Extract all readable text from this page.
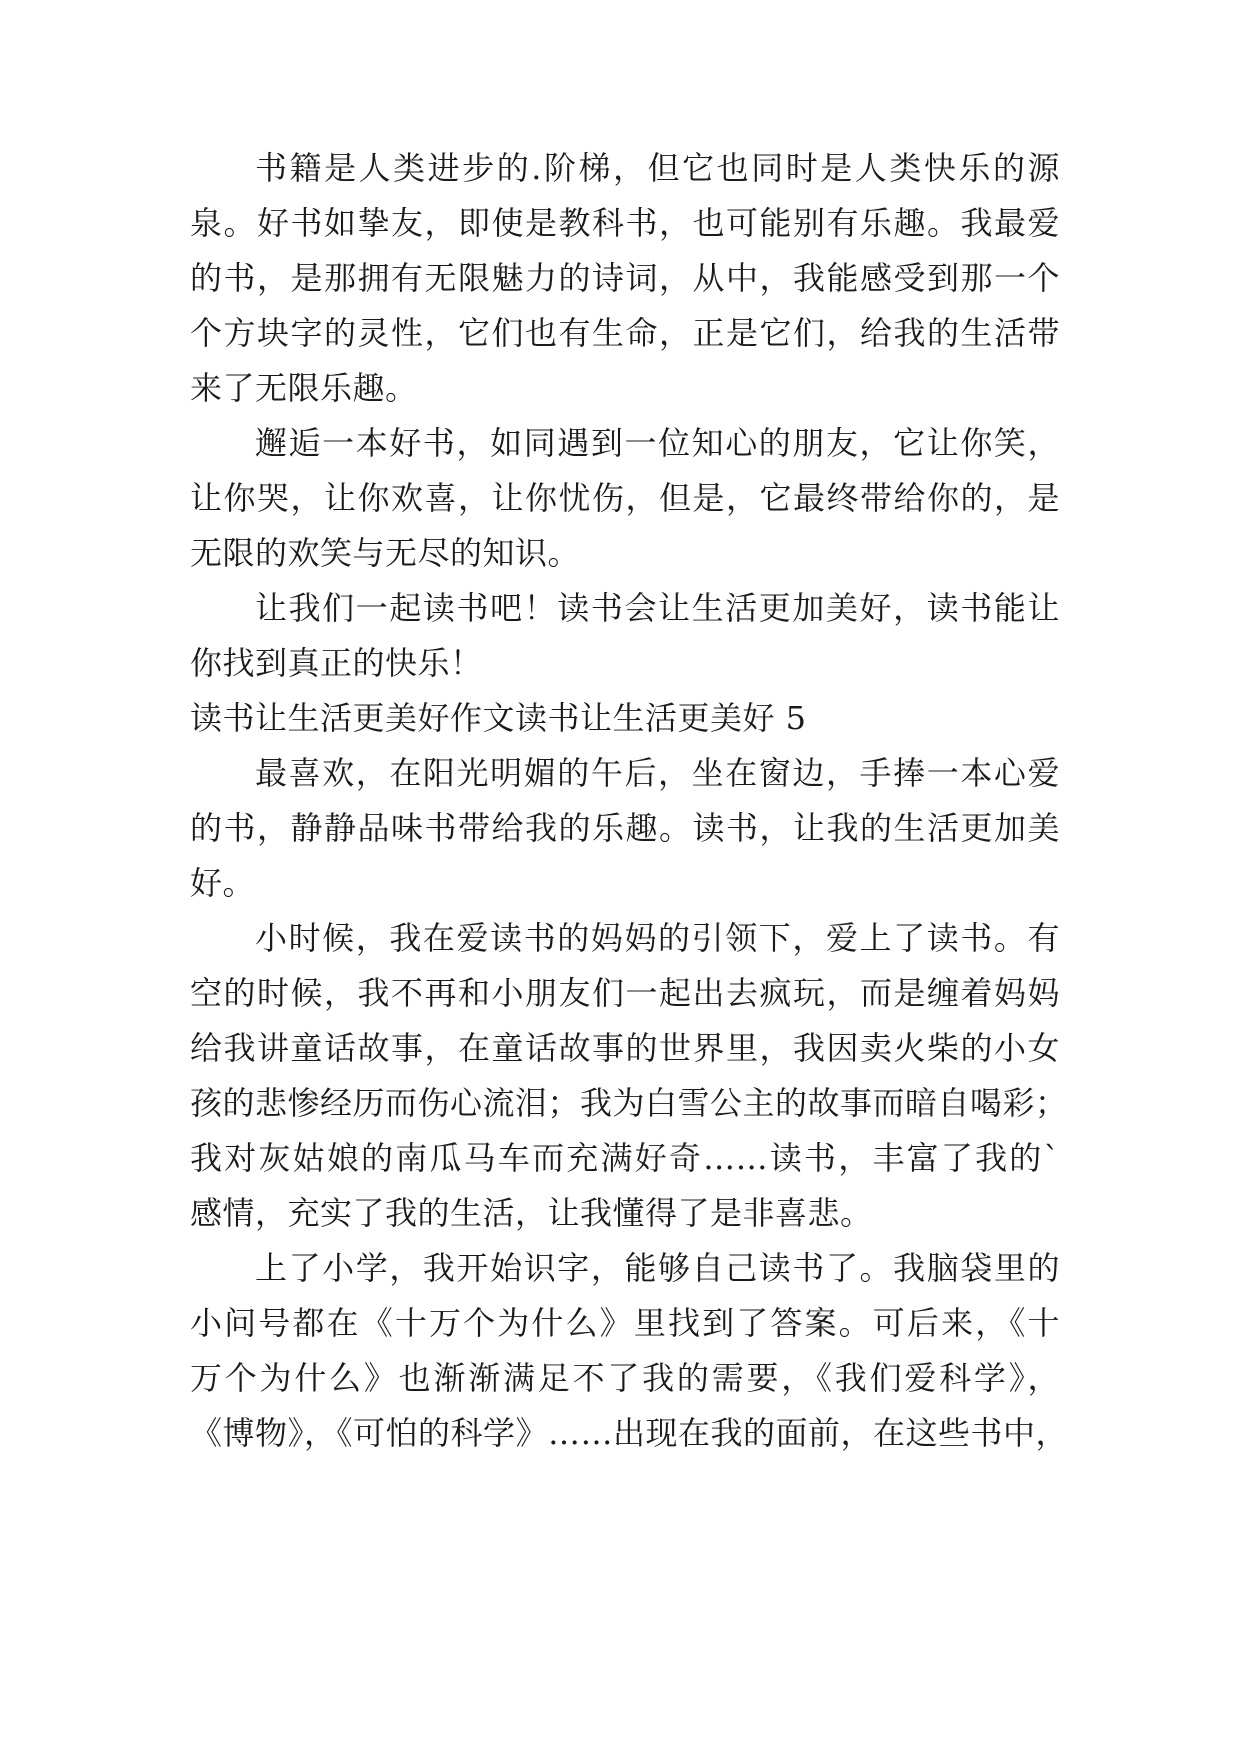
书籍是人类进步的.阶梯，但它也同时是人类快乐的源
泉。好书如挚友，即使是教科书，也可能别有乐趣。我最爱
的书，是那拥有无限魅力的诗词，从中，我能感受到那一个
个方块字的灵性，它们也有生命，正是它们，给我的生活带
来了无限乐趣。
邂逅一本好书，如同遇到一位知心的朋友，它让你笑，
让你哭，让你欢喜，让你忧伤，但是，它最终带给你的，是
无限的欢笑与无尽的知识。
让我们一起读书吧！读书会让生活更加美好，读书能让
你找到真正的快乐！
读书让生活更美好作文读书让生活更美好 5
最喜欢，在阳光明媚的午后，坐在窗边，手捧一本心爱
的书，静静品味书带给我的乐趣。读书，让我的生活更加美
好。
小时候，我在爱读书的妈妈的引领下，爱上了读书。有
空的时候，我不再和小朋友们一起出去疯玩，而是缠着妈妈
给我讲童话故事，在童话故事的世界里，我因卖火柴的小女
孩的悲惨经历而伤心流泪；我为白雪公主的故事而暗自喝彩；
我对灰姑娘的南瓜马车而充满好奇……读书，丰富了我的`
感情，充实了我的生活，让我懂得了是非喜悲。
上了小学，我开始识字，能够自己读书了。我脑袋里的
小问号都在《十万个为什么》里找到了答案。可后来，《十
万个为什么》也渐渐满足不了我的需要，《我们爱科学》，
《博物》，《可怕的科学》……出现在我的面前，在这些书中，
